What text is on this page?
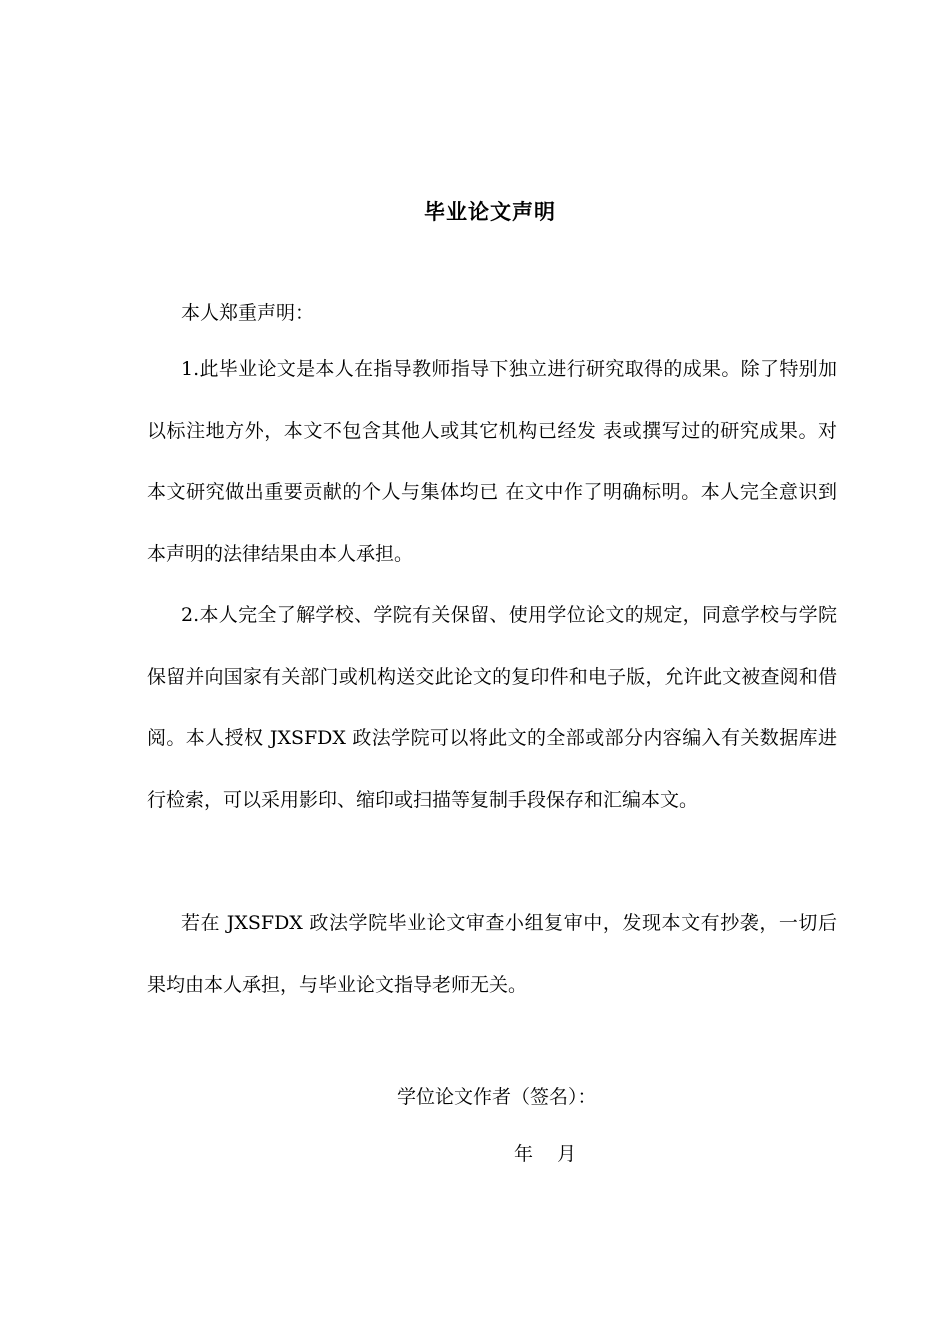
毕业论文声明

本人郑重声明：

1.此毕业论文是本人在指导教师指导下独立进行研究取得的成果。除了特别加以标注地方外，本文不包含其他人或其它机构已经发 表或撰写过的研究成果。对本文研究做出重要贡献的个人与集体均已 在文中作了明确标明。本人完全意识到本声明的法律结果由本人承担。

2.本人完全了解学校、学院有关保留、使用学位论文的规定，同意学校与学院保留并向国家有关部门或机构送交此论文的复印件和电子版，允许此文被查阅和借阅。本人授权 JXSFDX 政法学院可以将此文的全部或部分内容编入有关数据库进行检索，可以采用影印、缩印或扫描等复制手段保存和汇编本文。

若在 JXSFDX 政法学院毕业论文审查小组复审中，发现本文有抄袭，一切后果均由本人承担，与毕业论文指导老师无关。

学位论文作者（签名）：
年    月
